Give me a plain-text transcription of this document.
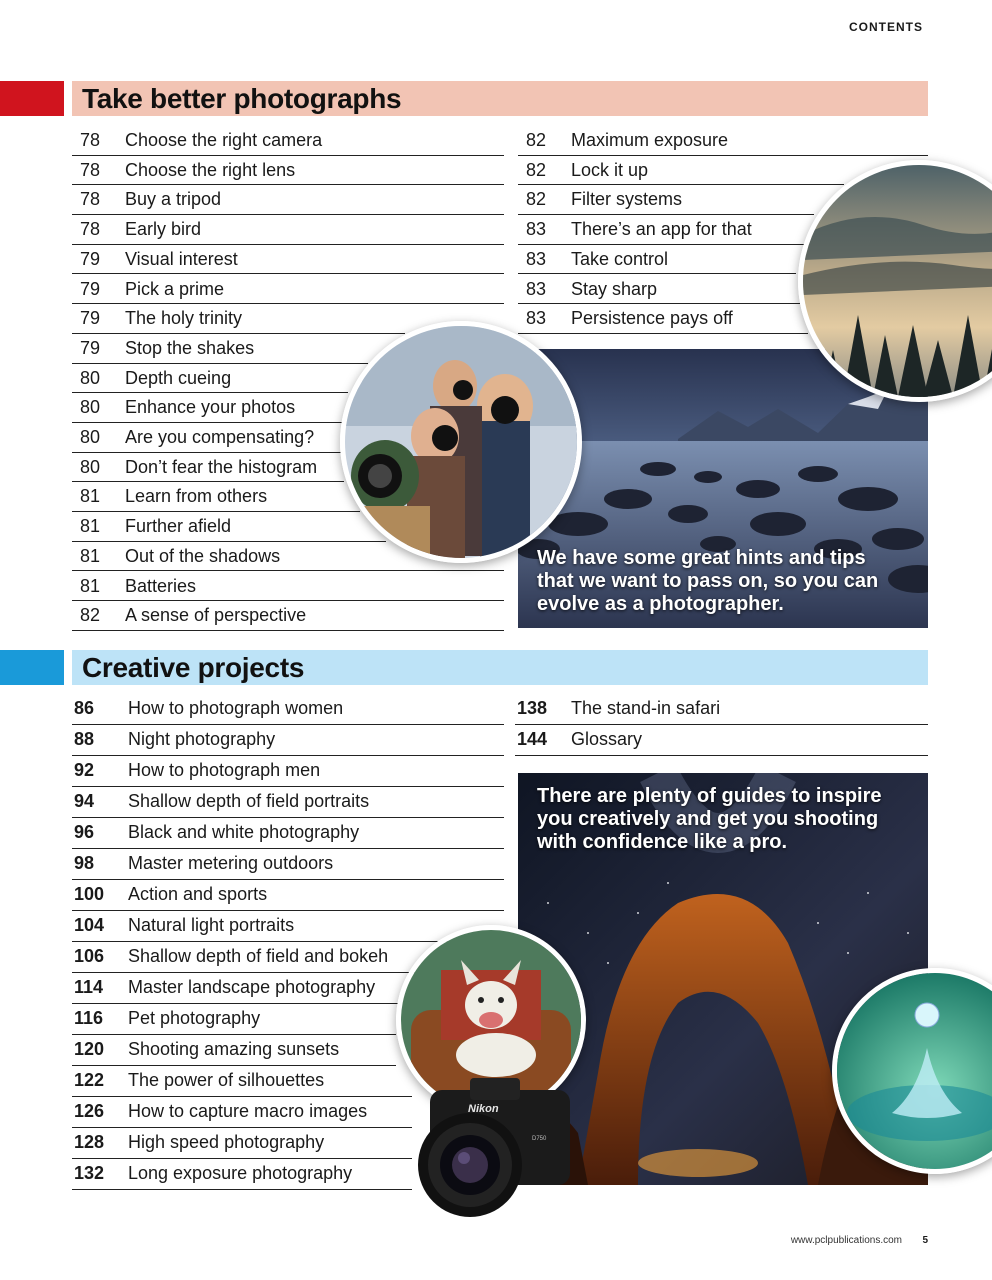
CONTENTS
Take better photographs
78 Choose the right camera
78 Choose the right lens
78 Buy a tripod
78 Early bird
79 Visual interest
79 Pick a prime
79 The holy trinity
79 Stop the shakes
80 Depth cueing
80 Enhance your photos
80 Are you compensating?
80 Don’t fear the histogram
81 Learn from others
81 Further afield
81 Out of the shadows
81 Batteries
82 A sense of perspective
82 Maximum exposure
82 Lock it up
82 Filter systems
83 There’s an app for that
83 Take control
83 Stay sharp
83 Persistence pays off
We have some great hints and tips that we want to pass on, so you can evolve as a photographer.
Creative projects
86 How to photograph women
88 Night photography
92 How to photograph men
94 Shallow depth of field portraits
96 Black and white photography
98 Master metering outdoors
100 Action and sports
104 Natural light portraits
106 Shallow depth of field and bokeh
114 Master landscape photography
116 Pet photography
120 Shooting amazing sunsets
122 The power of silhouettes
126 How to capture macro images
128 High speed photography
132 Long exposure photography
138 The stand-in safari
144 Glossary
There are plenty of guides to inspire you creatively and get you shooting with confidence like a pro.
Nikon
D750
www.pclpublications.com 5
